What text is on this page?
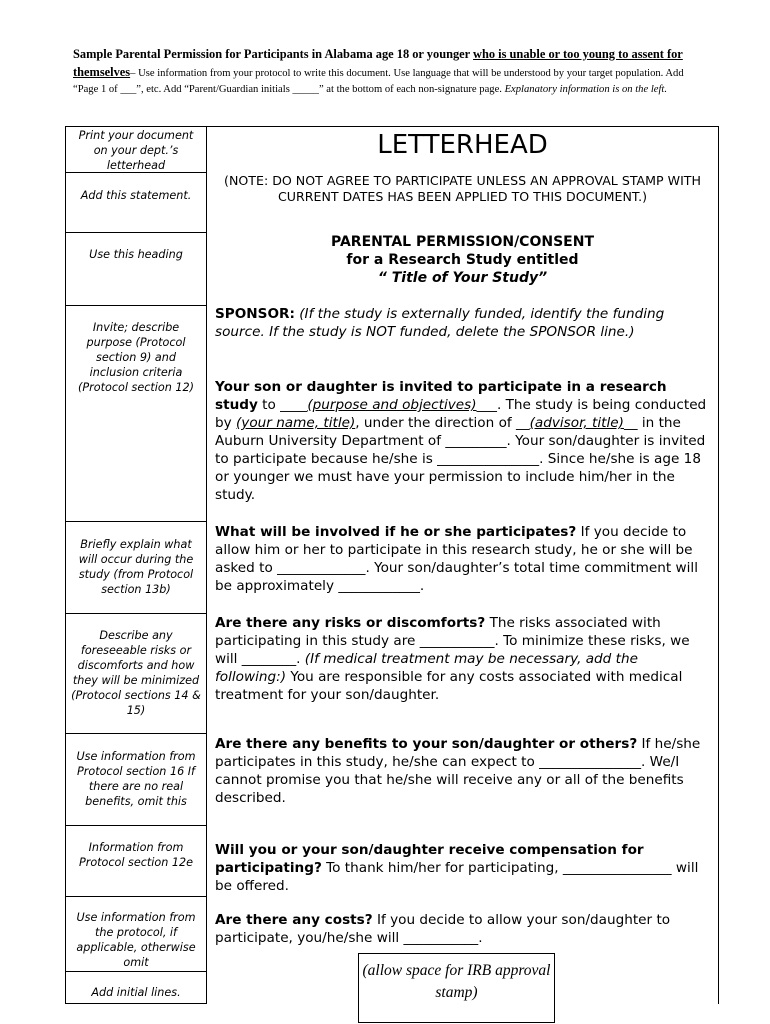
Sample Parental Permission for Participants in Alabama age 18 or younger who is unable or too young to assent for themselves– Use information from your protocol to write this document. Use language that will be understood by your target population. Add “Page 1 of ___”, etc. Add “Parent/Guardian initials _____” at the bottom of each non-signature page. Explanatory information is on the left.
Print your document on your dept.’s letterhead
Add this statement.
Use this heading
Invite; describe purpose (Protocol section 9) and inclusion criteria (Protocol section 12)
Briefly explain what will occur during the study (from Protocol section 13b)
Describe any foreseeable risks or discomforts and how they will be minimized (Protocol sections 14 & 15)
Use information from Protocol section 16 If there are no real benefits, omit this
Information from Protocol section 12e
Use information from the protocol, if applicable, otherwise omit
Add initial lines.
LETTERHEAD
(NOTE: DO NOT AGREE TO PARTICIPATE UNLESS AN APPROVAL STAMP WITH CURRENT DATES HAS BEEN APPLIED TO THIS DOCUMENT.)
PARENTAL PERMISSION/CONSENT
for a Research Study entitled
“ Title of Your Study”
SPONSOR: (If the study is externally funded, identify the funding source. If the study is NOT funded, delete the SPONSOR line.)
Your son or daughter is invited to participate in a research study to ____(purpose and objectives)___. The study is being conducted by (your name, title), under the direction of __(advisor, title)__ in the Auburn University Department of _________. Your son/daughter is invited to participate because he/she is _______________. Since he/she is age 18 or younger we must have your permission to include him/her in the study.
What will be involved if he or she participates? If you decide to allow him or her to participate in this research study, he or she will be asked to _____________. Your son/daughter’s total time commitment will be approximately ____________.
Are there any risks or discomforts? The risks associated with participating in this study are ___________. To minimize these risks, we will ________. (If medical treatment may be necessary, add the following:) You are responsible for any costs associated with medical treatment for your son/daughter.
Are there any benefits to your son/daughter or others? If he/she participates in this study, he/she can expect to _______________. We/I cannot promise you that he/she will receive any or all of the benefits described.
Will you or your son/daughter receive compensation for participating? To thank him/her for participating, ________________ will be offered.
Are there any costs? If you decide to allow your son/daughter to participate, you/he/she will ___________.
(allow space for IRB approval stamp)
